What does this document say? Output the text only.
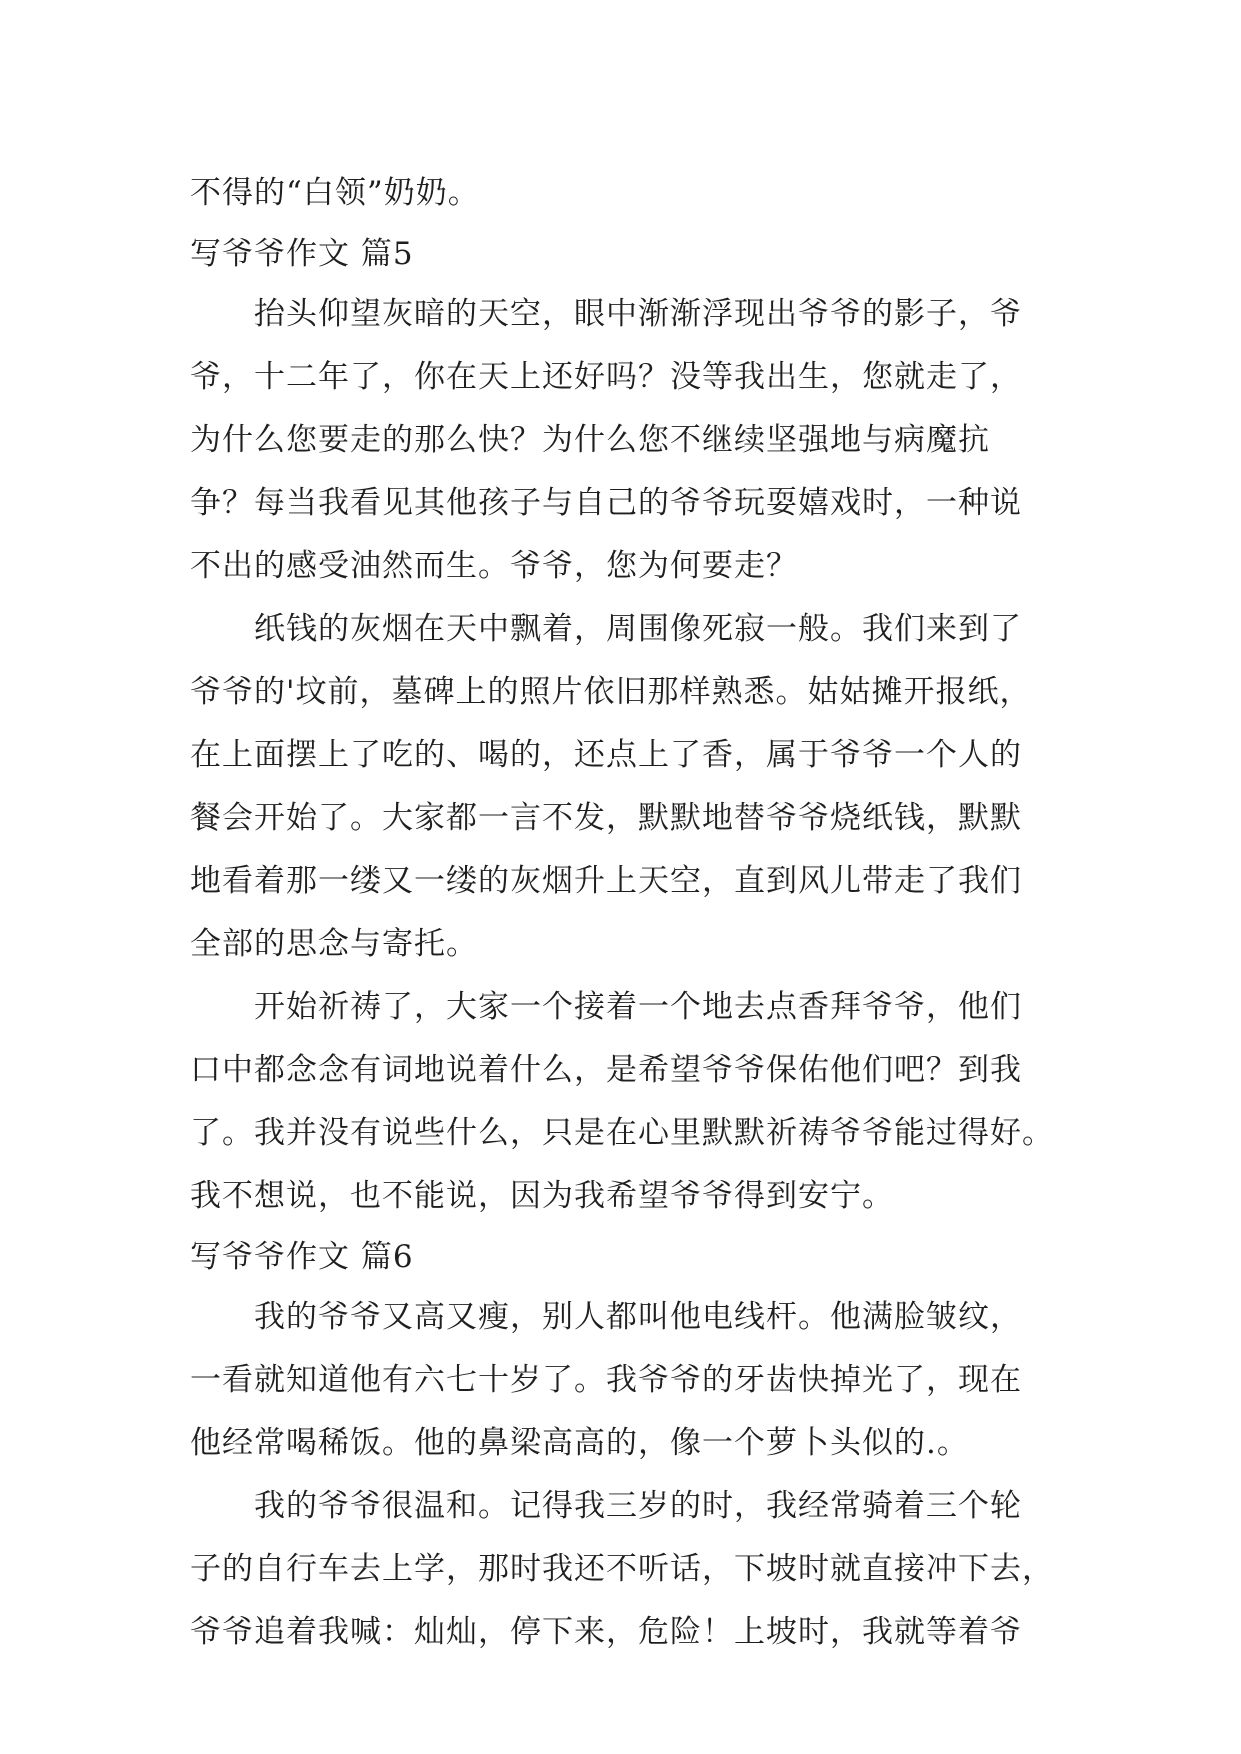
不得的“白领”奶奶。
写爷爷作文 篇5
抬头仰望灰暗的天空，眼中渐渐浮现出爷爷的影子，爷
爷，十二年了，你在天上还好吗？没等我出生，您就走了，
为什么您要走的那么快？为什么您不继续坚强地与病魔抗
争？每当我看见其他孩子与自己的爷爷玩耍嬉戏时，一种说
不出的感受油然而生。爷爷，您为何要走？
纸钱的灰烟在天中飘着，周围像死寂一般。我们来到了
爷爷的'坟前，墓碑上的照片依旧那样熟悉。姑姑摊开报纸，
在上面摆上了吃的、喝的，还点上了香，属于爷爷一个人的
餐会开始了。大家都一言不发，默默地替爷爷烧纸钱，默默
地看着那一缕又一缕的灰烟升上天空，直到风儿带走了我们
全部的思念与寄托。
开始祈祷了，大家一个接着一个地去点香拜爷爷，他们
口中都念念有词地说着什么，是希望爷爷保佑他们吧？到我
了。我并没有说些什么，只是在心里默默祈祷爷爷能过得好。
我不想说，也不能说，因为我希望爷爷得到安宁。
写爷爷作文 篇6
我的爷爷又高又瘦，别人都叫他电线杆。他满脸皱纹，
一看就知道他有六七十岁了。我爷爷的牙齿快掉光了，现在
他经常喝稀饭。他的鼻梁高高的，像一个萝卜头似的.。
我的爷爷很温和。记得我三岁的时，我经常骑着三个轮
子的自行车去上学，那时我还不听话，下坡时就直接冲下去，
爷爷追着我喊：灿灿，停下来，危险！上坡时，我就等着爷
